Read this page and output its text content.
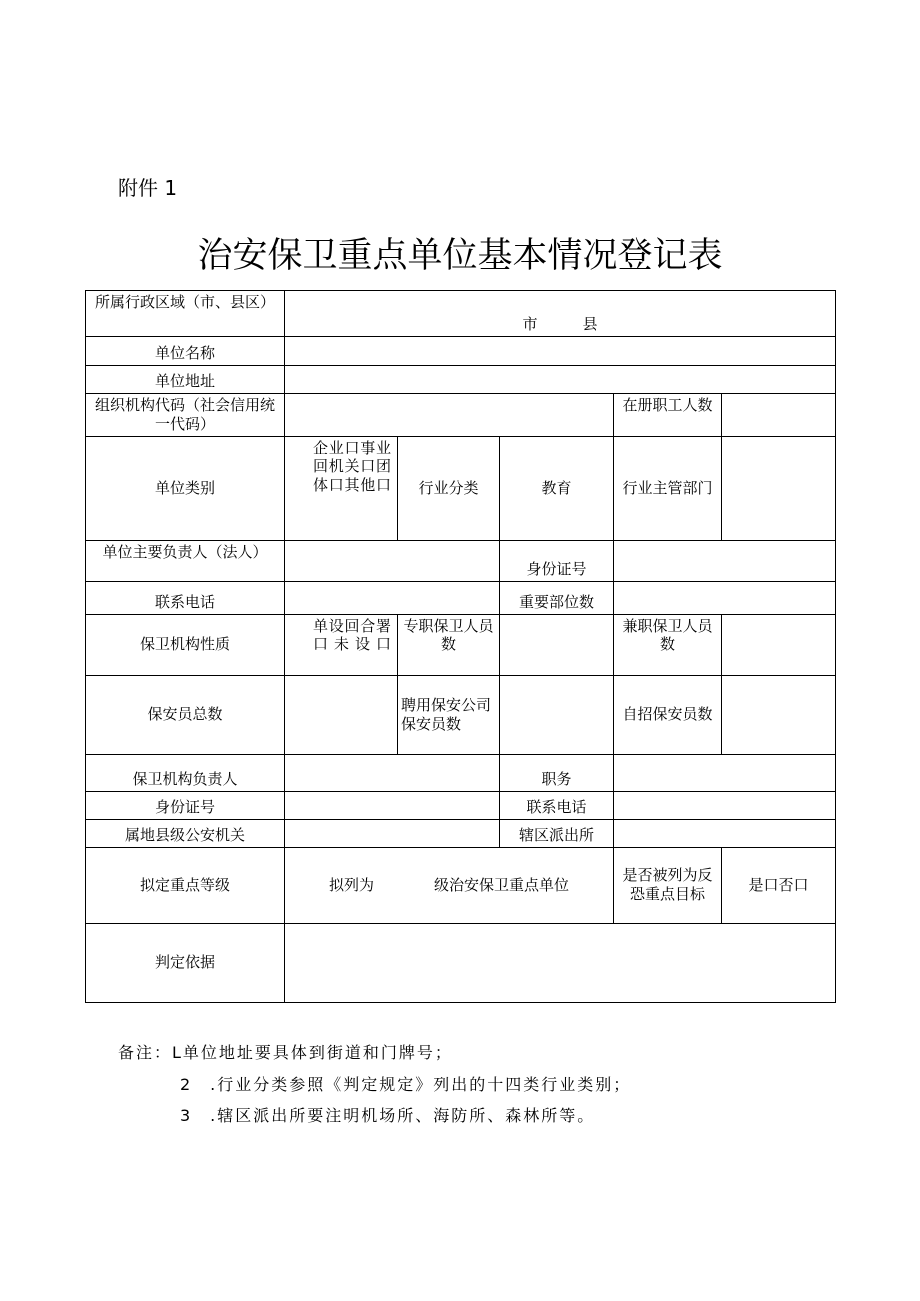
附件 1
治安保卫重点单位基本情况登记表
所属行政区域（市、县区）	市　　　县				
单位名称					
单位地址					
组织机构代码（社会信用统一代码）				在册职工人数	
单位类别	企业口事业回机关口团体口其他口	行业分类	教育	行业主管部门	
单位主要负责人（法人）			身份证号		
联系电话			重要部位数		
保卫机构性质	单设回合署口未设口	专职保卫人员数		兼职保卫人员数	
保安员总数		聘用保安公司保安员数		自招保安员数	
保卫机构负责人			职务		
身份证号			联系电话		
属地县级公安机关			辖区派出所		
拟定重点等级	拟列为　　　　级治安保卫重点单位			是否被列为反恐重点目标	是口否口
判定依据					
备注：L单位地址要具体到街道和门牌号；
2　.行业分类参照《判定规定》列出的十四类行业类别；
3　.辖区派出所要注明机场所、海防所、森林所等。
